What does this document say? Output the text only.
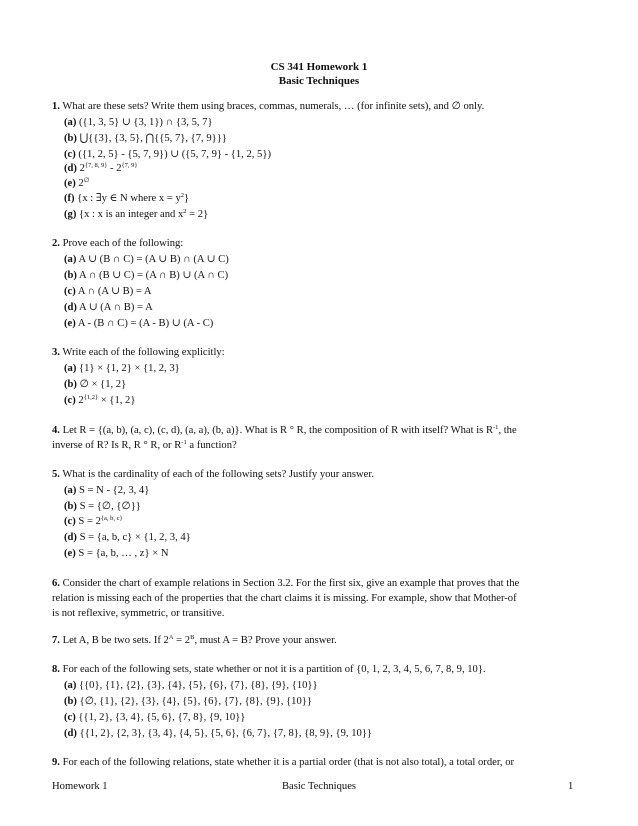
CS 341 Homework 1
Basic Techniques
1. What are these sets? Write them using braces, commas, numerals, … (for infinite sets), and ∅ only.
(a) ({1, 3, 5} ∪ {3, 1}) ∩ {3, 5, 7}
(b) ⋃{{3}, {3, 5}, ⋂{{5, 7}, {7, 9}}}
(c) ({1, 2, 5} - {5, 7, 9}) ∪ ({5, 7, 9} - {1, 2, 5})
(d) $2^{\{7, 8, 9\}} - 2^{\{7, 9\}}$
(e) 2∅
(f) {x : ∃y ∈ N where $x = y^2$}
(g) {x : x is an integer and $x^2 = 2$}
2. Prove each of the following:
(a) A ∪ (B ∩ C) = (A ∪ B) ∩ (A ∪ C)
(b) A ∩ (B ∪ C) = (A ∩ B) ∪ (A ∩ C)
(c) A ∩ (A ∪ B) = A
(d) A ∪ (A ∩ B) = A
(e) A - (B ∩ C) = (A - B) ∪ (A - C)
3. Write each of the following explicitly:
(a) {1} × {1, 2} × {1, 2, 3}
(b) ∅ × {1, 2}
(c) $2^{\{1,2\}} \times \{1$, 2}
4. Let R = {(a, b), (a, c), (c, d), (a, a), (b, a)}. What is R ° R, the composition of R with itself? What is $R^{-1}$, the
inverse of R? Is R, R ° R, or $R^{-1}$ a function?
5. What is the cardinality of each of the following sets? Justify your answer.
(a) S = N - {2, 3, 4}
(b) S = {∅, {∅}}
(c) $S = 2^{\{a, b, c\}}$
(d) S = {a, b, c} × {1, 2, 3, 4}
(e) S = {a, b, … , z} × N
6. Consider the chart of example relations in Section 3.2. For the first six, give an example that proves that the
relation is missing each of the properties that the chart claims it is missing. For example, show that Mother-of
is not reflexive, symmetric, or transitive.
7. Let A, B be two sets. If $2^A = 2^B$, must A = B? Prove your answer.
8. For each of the following sets, state whether or not it is a partition of {0, 1, 2, 3, 4, 5, 6, 7, 8, 9, 10}.
(a) {{0}, {1}, {2}, {3}, {4}, {5}, {6}, {7}, {8}, {9}, {10}}
(b) {∅, {1}, {2}, {3}, {4}, {5}, {6}, {7}, {8}, {9}, {10}}
(c) {{1, 2}, {3, 4}, {5, 6}, {7, 8}, {9, 10}}
(d) {{1, 2}, {2, 3}, {3, 4}, {4, 5}, {5, 6}, {6, 7}, {7, 8}, {8, 9}, {9, 10}}
9. For each of the following relations, state whether it is a partial order (that is not also total), a total order, or
Homework 1	Basic Techniques	1
